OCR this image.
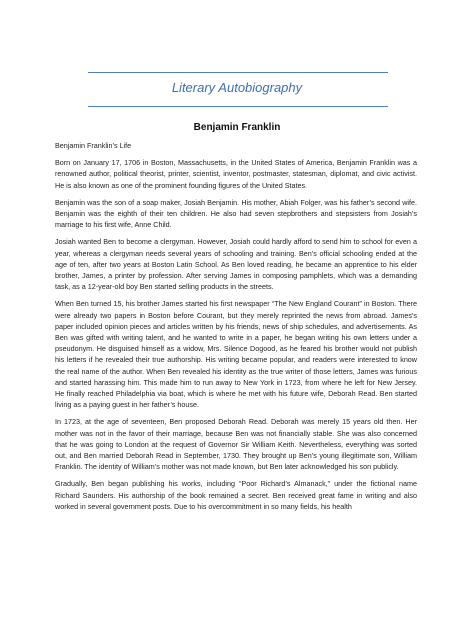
Literary Autobiography
Benjamin Franklin

Benjamin Franklin’s Life

Born on January 17, 1706 in Boston, Massachusetts, in the United States of America, Benjamin Franklin was a renowned author, political theorist, printer, scientist, inventor, postmaster, statesman, diplomat, and civic activist. He is also known as one of the prominent founding figures of the United States.

Benjamin was the son of a soap maker, Josiah Benjamin. His mother, Abiah Folger, was his father’s second wife. Benjamin was the eighth of their ten children. He also had seven stepbrothers and stepsisters from Josiah’s marriage to his first wife, Anne Child.

Josiah wanted Ben to become a clergyman. However, Josiah could hardly afford to send him to school for even a year, whereas a clergyman needs several years of schooling and training. Ben’s official schooling ended at the age of ten, after two years at Boston Latin School. As Ben loved reading, he became an apprentice to his elder brother, James, a printer by profession. After serving James in composing pamphlets, which was a demanding task, as a 12-year-old boy Ben started selling products in the streets.

When Ben turned 15, his brother James started his first newspaper “The New England Courant” in Boston. There were already two papers in Boston before Courant, but they merely reprinted the news from abroad. James’s paper included opinion pieces and articles written by his friends, news of ship schedules, and advertisements. As Ben was gifted with writing talent, and he wanted to write in a paper, he began writing his own letters under a pseudonym. He disguised himself as a widow, Mrs. Silence Dogood, as he feared his brother would not publish his letters if he revealed their true authorship. His writing became popular, and readers were interested to know the real name of the author. When Ben revealed his identity as the true writer of those letters, James was furious and started harassing him. This made him to run away to New York in 1723, from where he left for New Jersey. He finally reached Philadelphia via boat, which is where he met with his future wife, Deborah Read. Ben started living as a paying guest in her father’s house.

In 1723, at the age of seventeen, Ben proposed Deborah Read. Deborah was merely 15 years old then. Her mother was not in the favor of their marriage, because Ben was not financially stable. She was also concerned that he was going to London at the request of Governor Sir William Keith. Nevertheless, everything was sorted out, and Ben married Deborah Read in September, 1730. They brought up Ben’s young illegitimate son, William Franklin. The identity of William’s mother was not made known, but Ben later acknowledged his son publicly.

Gradually, Ben began publishing his works, including “Poor Richard’s Almanack,” under the fictional name Richard Saunders. His authorship of the book remained a secret. Ben received great fame in writing and also worked in several government posts. Due to his overcommitment in so many fields, his health
